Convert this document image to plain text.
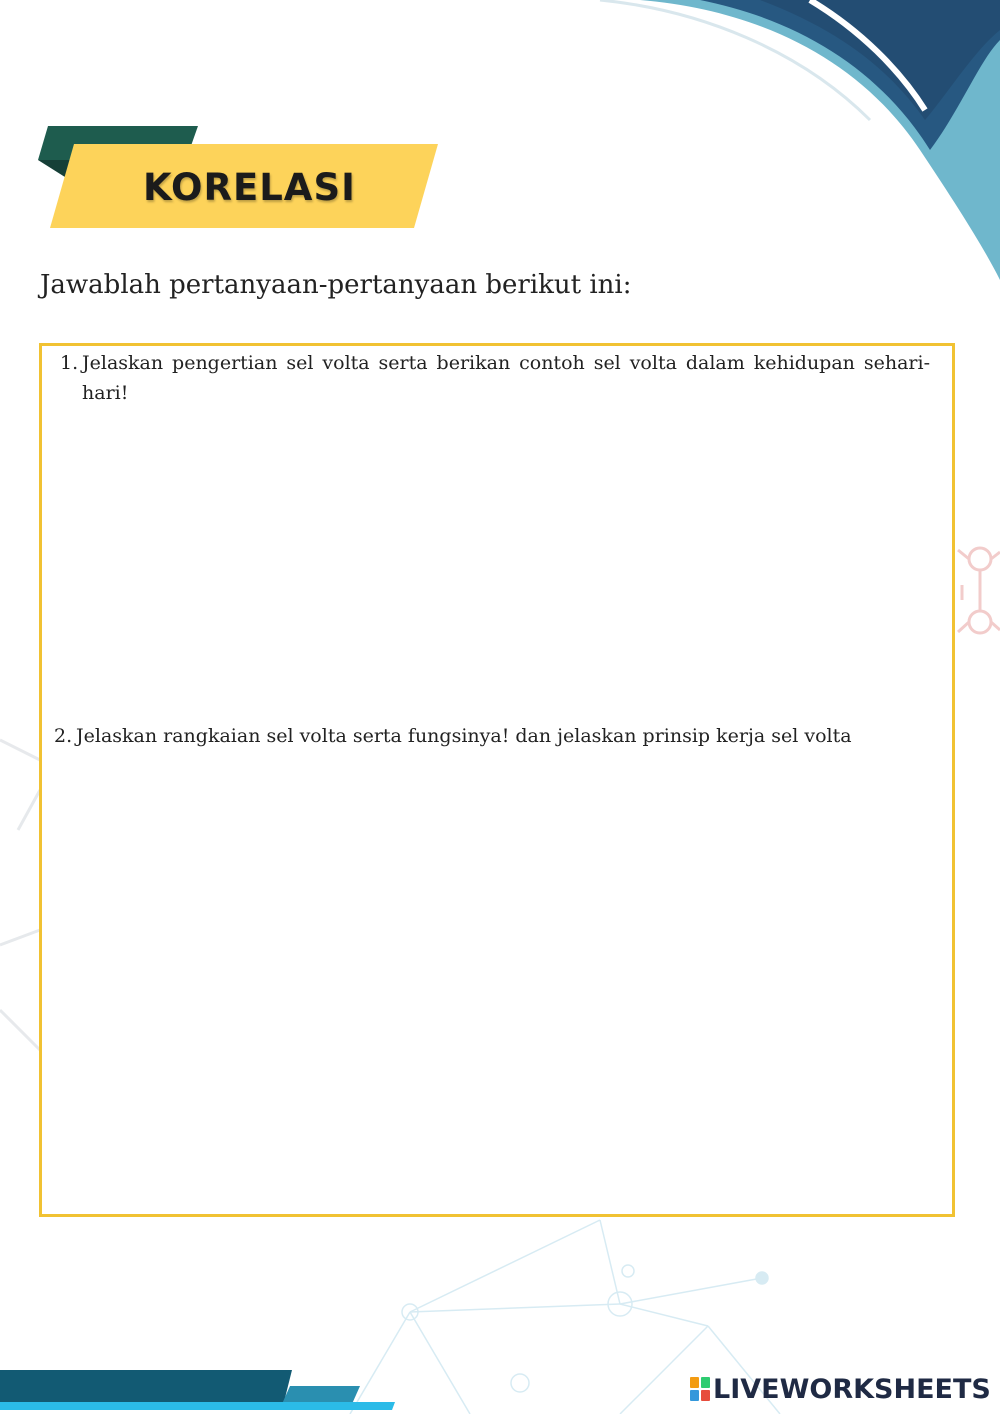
KORELASI
Jawablah pertanyaan-pertanyaan berikut ini:
1. Jelaskan pengertian sel volta serta berikan contoh sel volta dalam kehidupan sehari-hari!
2. Jelaskan rangkaian sel volta serta fungsinya! dan jelaskan prinsip kerja sel volta
LIVEWORKSHEETS
